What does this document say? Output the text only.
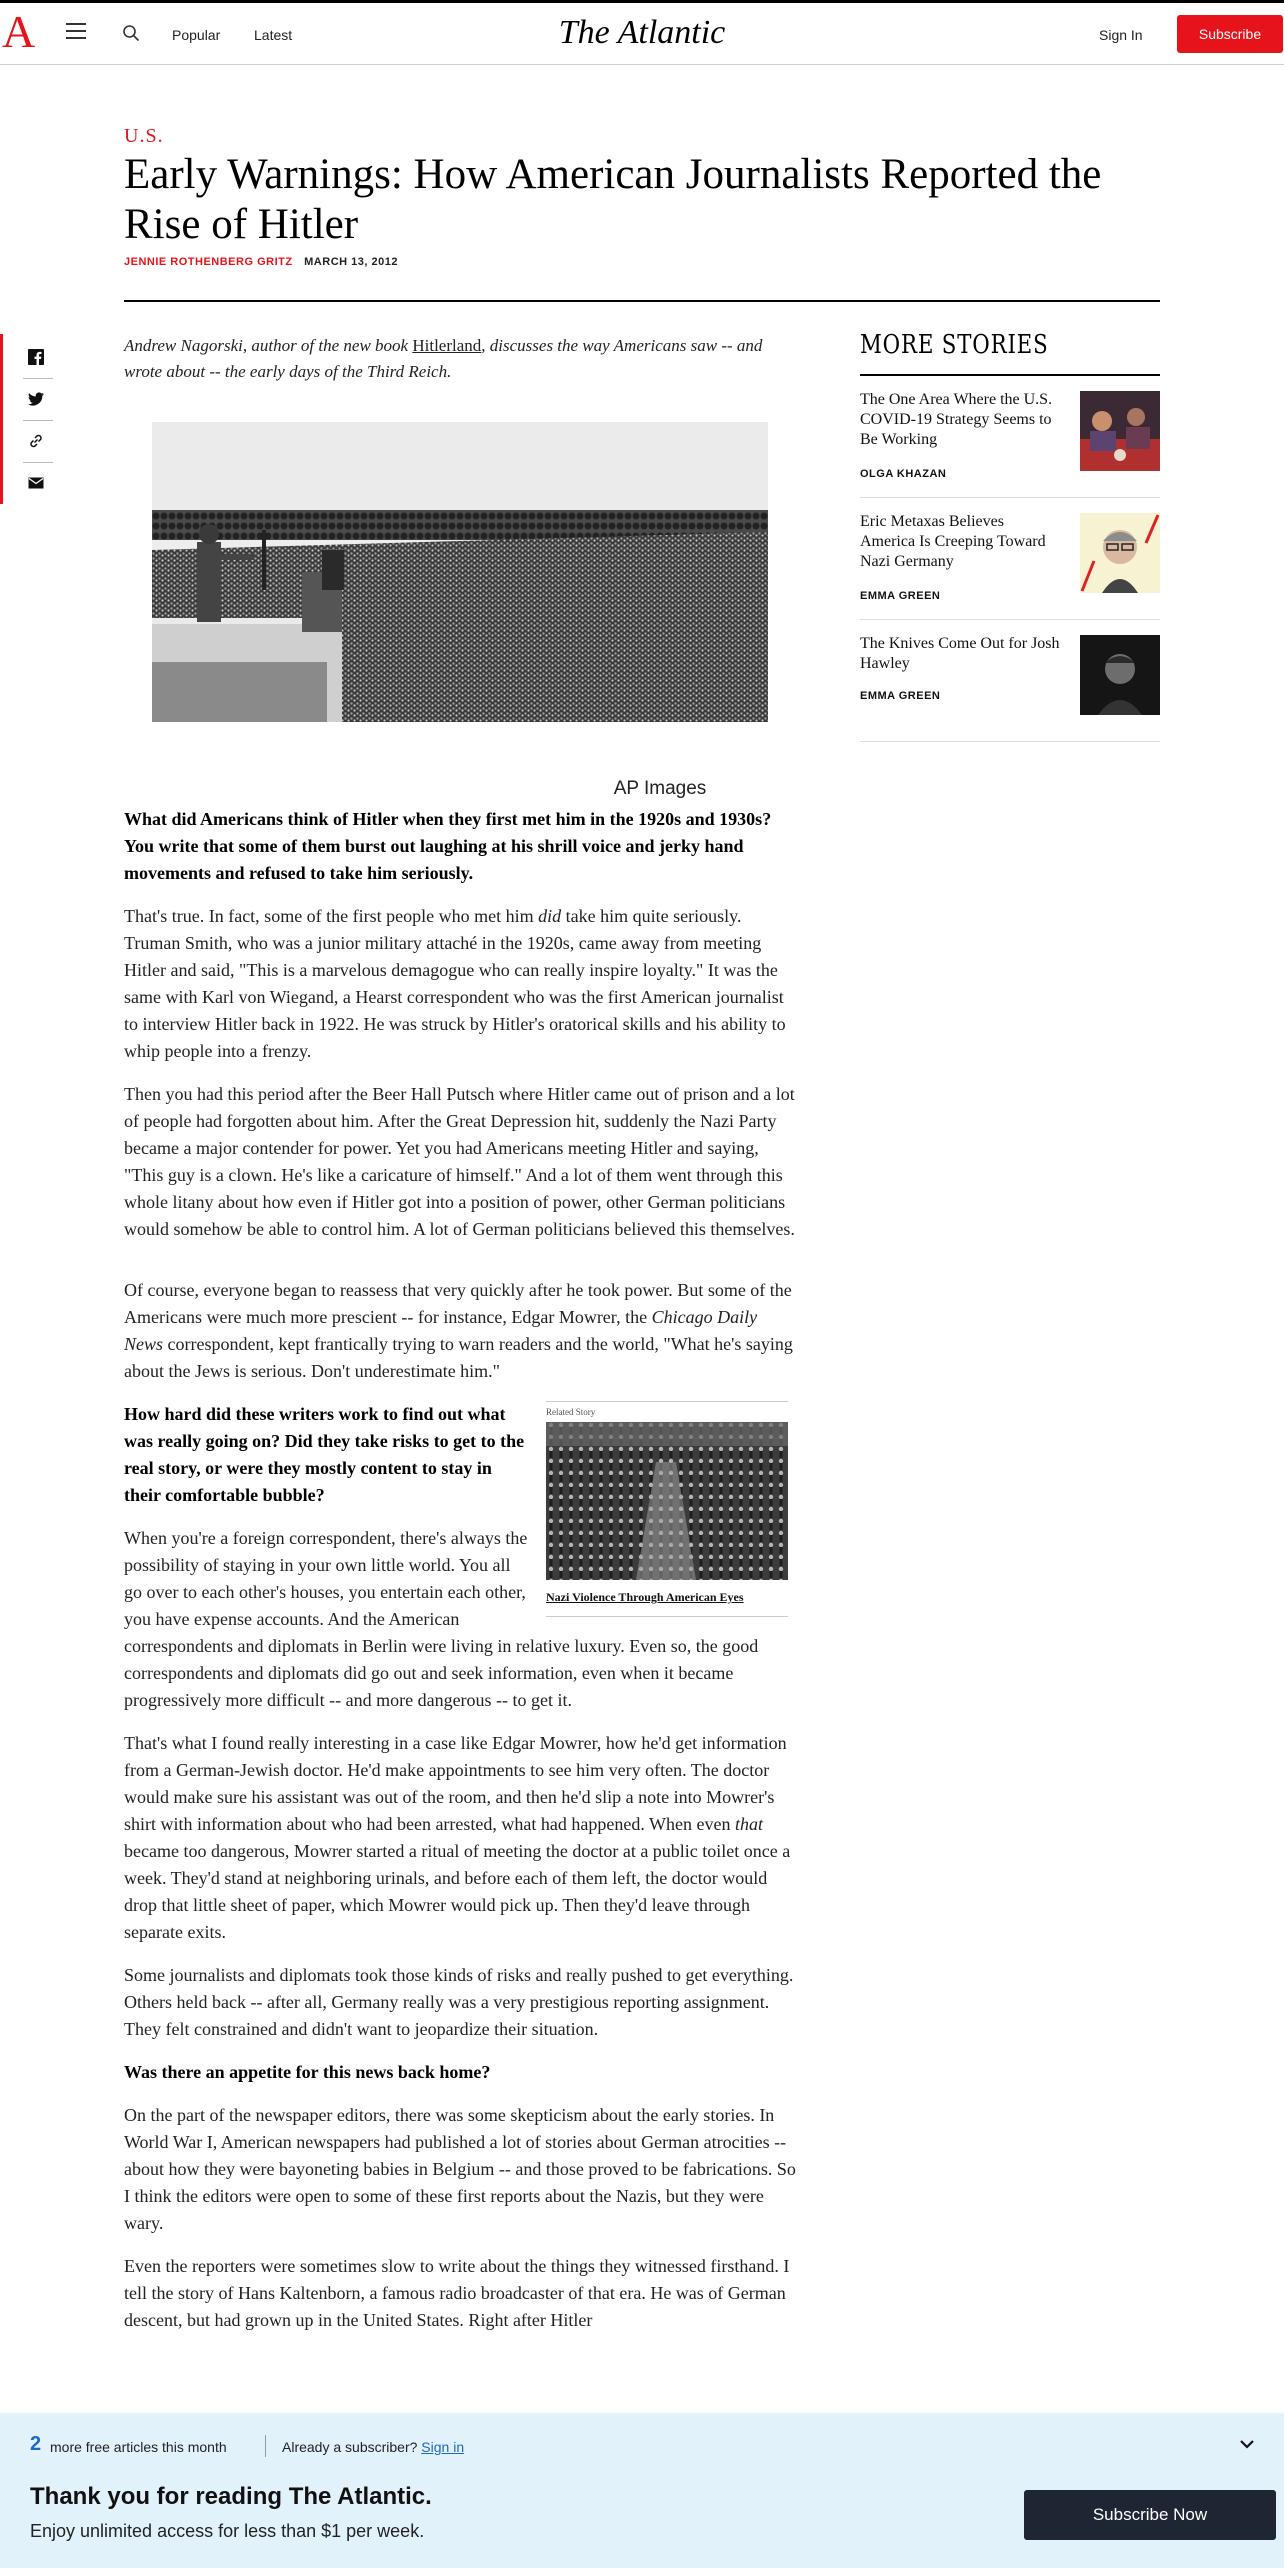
A	Popular Latest	The Atlantic	Sign In	Subscribe
U.S.
Early Warnings: How American Journalists Reported the Rise of Hitler
JENNIE ROTHENBERG GRITZ MARCH 13, 2012

Andrew Nagorski, author of the new book Hitlerland, discusses the way Americans saw -- and wrote about -- the early days of the Third Reich.

AP Images

What did Americans think of Hitler when they first met him in the 1920s and 1930s? You write that some of them burst out laughing at his shrill voice and jerky hand movements and refused to take him seriously.

That's true. In fact, some of the first people who met him did take him quite seriously. Truman Smith, who was a junior military attaché in the 1920s, came away from meeting Hitler and said, "This is a marvelous demagogue who can really inspire loyalty." It was the same with Karl von Wiegand, a Hearst correspondent who was the first American journalist to interview Hitler back in 1922. He was struck by Hitler's oratorical skills and his ability to whip people into a frenzy.

Then you had this period after the Beer Hall Putsch where Hitler came out of prison and a lot of people had forgotten about him. After the Great Depression hit, suddenly the Nazi Party became a major contender for power. Yet you had Americans meeting Hitler and saying, "This guy is a clown. He's like a caricature of himself." And a lot of them went through this whole litany about how even if Hitler got into a position of power, other German politicians would somehow be able to control him. A lot of German politicians believed this themselves.

Of course, everyone began to reassess that very quickly after he took power. But some of the Americans were much more prescient -- for instance, Edgar Mowrer, the Chicago Daily News correspondent, kept frantically trying to warn readers and the world, "What he's saying about the Jews is serious. Don't underestimate him."

Related Story
Nazi Violence Through American Eyes

How hard did these writers work to find out what was really going on? Did they take risks to get to the real story, or were they mostly content to stay in their comfortable bubble?

When you're a foreign correspondent, there's always the possibility of staying in your own little world. You all go over to each other's houses, you entertain each other, you have expense accounts. And the American correspondents and diplomats in Berlin were living in relative luxury. Even so, the good correspondents and diplomats did go out and seek information, even when it became progressively more difficult -- and more dangerous -- to get it.

That's what I found really interesting in a case like Edgar Mowrer, how he'd get information from a German-Jewish doctor. He'd make appointments to see him very often. The doctor would make sure his assistant was out of the room, and then he'd slip a note into Mowrer's shirt with information about who had been arrested, what had happened. When even that became too dangerous, Mowrer started a ritual of meeting the doctor at a public toilet once a week. They'd stand at neighboring urinals, and before each of them left, the doctor would drop that little sheet of paper, which Mowrer would pick up. Then they'd leave through separate exits.

Some journalists and diplomats took those kinds of risks and really pushed to get everything. Others held back -- after all, Germany really was a very prestigious reporting assignment. They felt constrained and didn't want to jeopardize their situation.

Was there an appetite for this news back home?

On the part of the newspaper editors, there was some skepticism about the early stories. In World War I, American newspapers had published a lot of stories about German atrocities -- about how they were bayoneting babies in Belgium -- and those proved to be fabrications. So I think the editors were open to some of these first reports about the Nazis, but they were wary.

Even the reporters were sometimes slow to write about the things they witnessed firsthand. I tell the story of Hans Kaltenborn, a famous radio broadcaster of that era. He was of German descent, but had grown up in the United States. Right after Hitler

MORE STORIES
The One Area Where the U.S. COVID-19 Strategy Seems to Be Working
OLGA KHAZAN
Eric Metaxas Believes America Is Creeping Toward Nazi Germany
EMMA GREEN
The Knives Come Out for Josh Hawley
EMMA GREEN
2 more free articles this month	Already a subscriber? Sign in
Thank you for reading The Atlantic.
Enjoy unlimited access for less than $1 per week.
Subscribe Now
